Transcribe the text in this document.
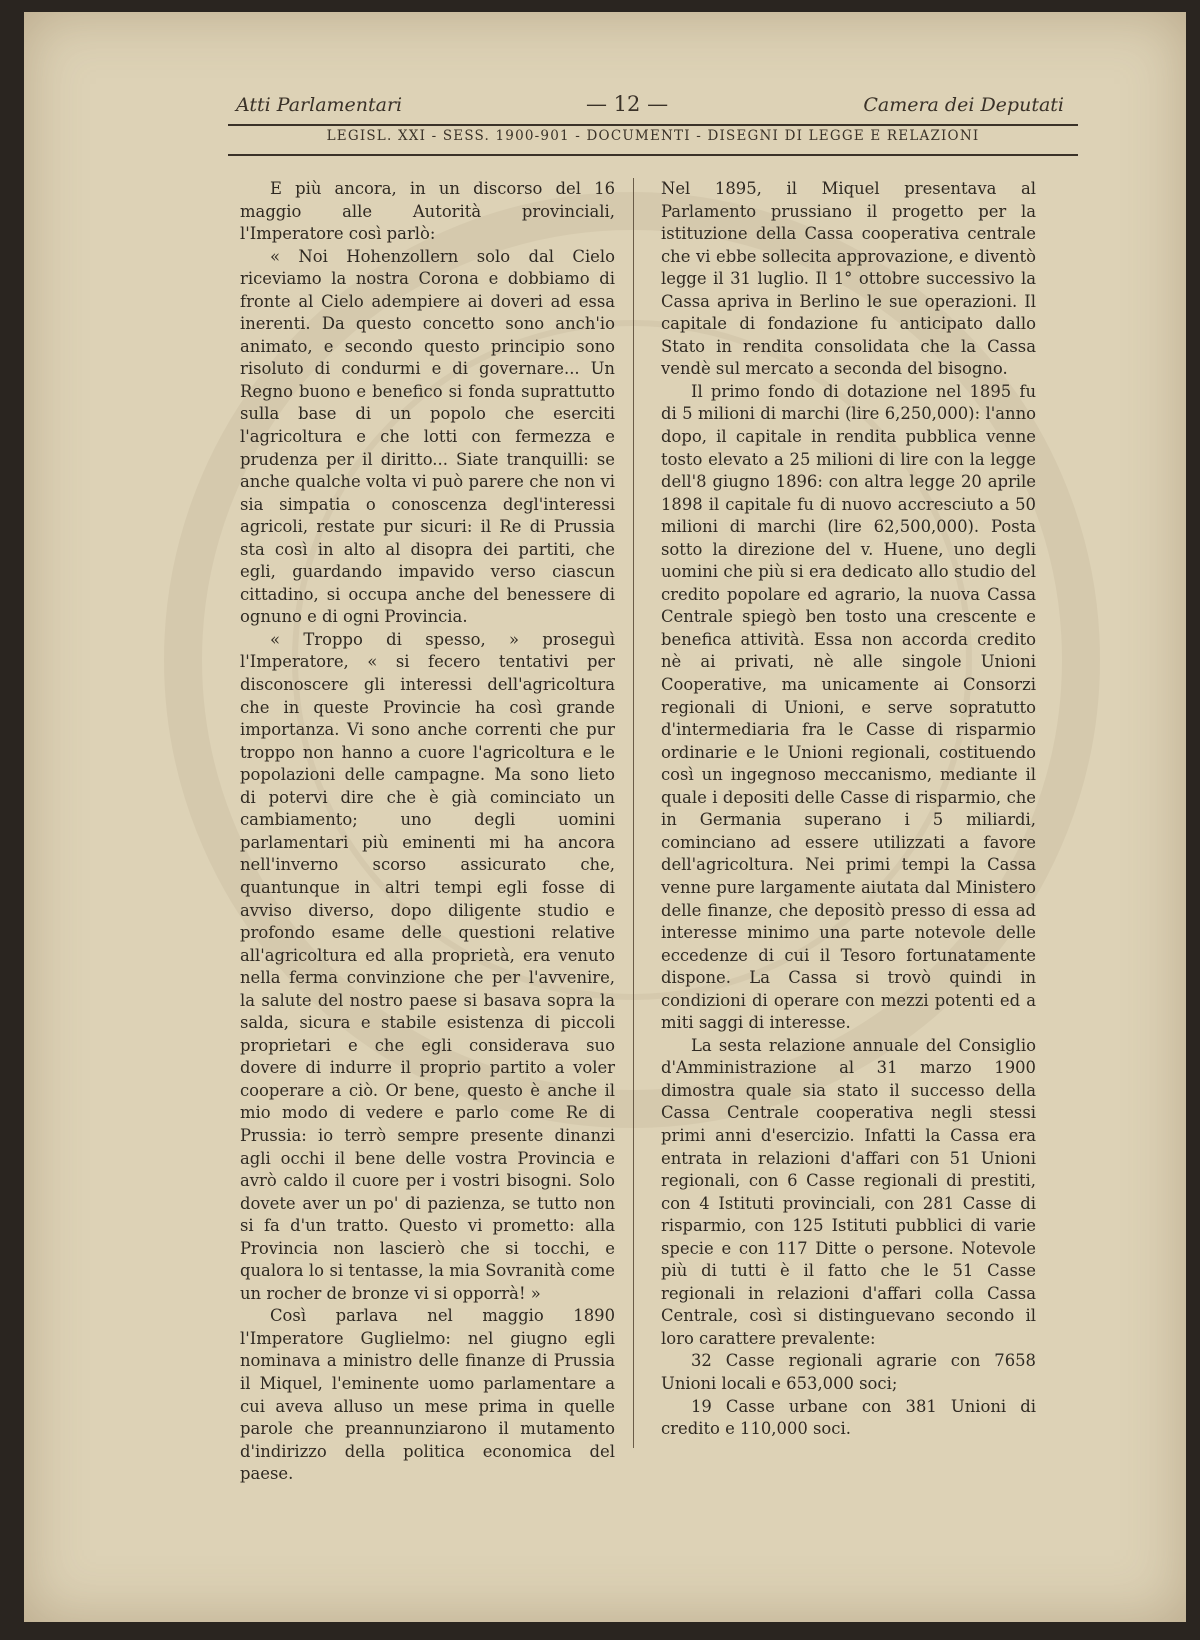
Atti Parlamentari	— 12 —	Camera dei Deputati
LEGISL. XXI - SESS. 1900-901 - DOCUMENTI - DISEGNI DI LEGGE E RELAZIONI

E più ancora, in un discorso del 16 maggio alle Autorità provinciali, l'Imperatore così parlò:

« Noi Hohenzollern solo dal Cielo riceviamo la nostra Corona e dobbiamo di fronte al Cielo adempiere ai doveri ad essa inerenti. Da questo concetto sono anch'io animato, e secondo questo principio sono risoluto di condurmi e di governare... Un Regno buono e benefico si fonda suprattutto sulla base di un popolo che eserciti l'agricoltura e che lotti con fermezza e prudenza per il diritto... Siate tranquilli: se anche qualche volta vi può parere che non vi sia simpatia o conoscenza degl'interessi agricoli, restate pur sicuri: il Re di Prussia sta così in alto al disopra dei partiti, che egli, guardando impavido verso ciascun cittadino, si occupa anche del benessere di ognuno e di ogni Provincia.

« Troppo di spesso, » proseguì l'Imperatore, « si fecero tentativi per disconoscere gli interessi dell'agricoltura che in queste Provincie ha così grande importanza. Vi sono anche correnti che pur troppo non hanno a cuore l'agricoltura e le popolazioni delle campagne. Ma sono lieto di potervi dire che è già cominciato un cambiamento; uno degli uomini parlamentari più eminenti mi ha ancora nell'inverno scorso assicurato che, quantunque in altri tempi egli fosse di avviso diverso, dopo diligente studio e profondo esame delle questioni relative all'agricoltura ed alla proprietà, era venuto nella ferma convinzione che per l'avvenire, la salute del nostro paese si basava sopra la salda, sicura e stabile esistenza di piccoli proprietari e che egli considerava suo dovere di indurre il proprio partito a voler cooperare a ciò. Or bene, questo è anche il mio modo di vedere e parlo come Re di Prussia: io terrò sempre presente dinanzi agli occhi il bene delle vostra Provincia e avrò caldo il cuore per i vostri bisogni. Solo dovete aver un po' di pazienza, se tutto non si fa d'un tratto. Questo vi prometto: alla Provincia non lascierò che si tocchi, e qualora lo si tentasse, la mia Sovranità come un rocher de bronze vi si opporrà! »

Così parlava nel maggio 1890 l'Imperatore Guglielmo: nel giugno egli nominava a ministro delle finanze di Prussia il Miquel, l'eminente uomo parlamentare a cui aveva alluso un mese prima in quelle parole che preannunziarono il mutamento d'indirizzo della politica economica del paese.

Nel 1895, il Miquel presentava al Parlamento prussiano il progetto per la istituzione della Cassa cooperativa centrale che vi ebbe sollecita approvazione, e diventò legge il 31 luglio. Il 1° ottobre successivo la Cassa apriva in Berlino le sue operazioni. Il capitale di fondazione fu anticipato dallo Stato in rendita consolidata che la Cassa vendè sul mercato a seconda del bisogno.

Il primo fondo di dotazione nel 1895 fu di 5 milioni di marchi (lire 6,250,000): l'anno dopo, il capitale in rendita pubblica venne tosto elevato a 25 milioni di lire con la legge dell'8 giugno 1896: con altra legge 20 aprile 1898 il capitale fu di nuovo accresciuto a 50 milioni di marchi (lire 62,500,000). Posta sotto la direzione del v. Huene, uno degli uomini che più si era dedicato allo studio del credito popolare ed agrario, la nuova Cassa Centrale spiegò ben tosto una crescente e benefica attività. Essa non accorda credito nè ai privati, nè alle singole Unioni Cooperative, ma unicamente ai Consorzi regionali di Unioni, e serve sopratutto d'intermediaria fra le Casse di risparmio ordinarie e le Unioni regionali, costituendo così un ingegnoso meccanismo, mediante il quale i depositi delle Casse di risparmio, che in Germania superano i 5 miliardi, cominciano ad essere utilizzati a favore dell'agricoltura. Nei primi tempi la Cassa venne pure largamente aiutata dal Ministero delle finanze, che depositò presso di essa ad interesse minimo una parte notevole delle eccedenze di cui il Tesoro fortunatamente dispone. La Cassa si trovò quindi in condizioni di operare con mezzi potenti ed a miti saggi di interesse.

La sesta relazione annuale del Consiglio d'Amministrazione al 31 marzo 1900 dimostra quale sia stato il successo della Cassa Centrale cooperativa negli stessi primi anni d'esercizio. Infatti la Cassa era entrata in relazioni d'affari con 51 Unioni regionali, con 6 Casse regionali di prestiti, con 4 Istituti provinciali, con 281 Casse di risparmio, con 125 Istituti pubblici di varie specie e con 117 Ditte o persone. Notevole più di tutti è il fatto che le 51 Casse regionali in relazioni d'affari colla Cassa Centrale, così si distinguevano secondo il loro carattere prevalente:

32 Casse regionali agrarie con 7658 Unioni locali e 653,000 soci;

19 Casse urbane con 381 Unioni di credito e 110,000 soci.
